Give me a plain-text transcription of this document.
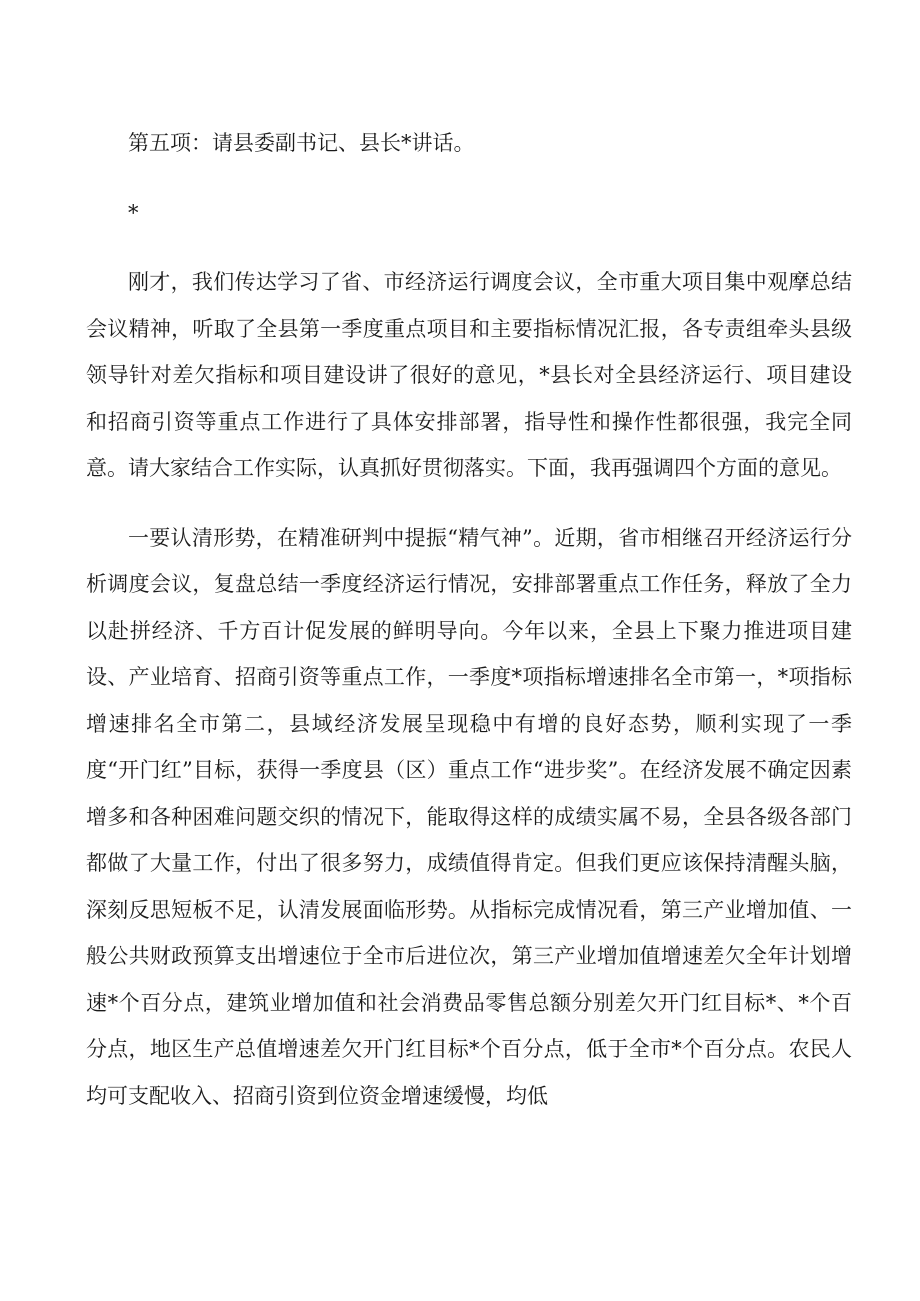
第五项：请县委副书记、县长*讲话。

*

刚才，我们传达学习了省、市经济运行调度会议，全市重大项目集中观摩总结会议精神，听取了全县第一季度重点项目和主要指标情况汇报，各专责组牵头县级领导针对差欠指标和项目建设讲了很好的意见，*县长对全县经济运行、项目建设和招商引资等重点工作进行了具体安排部署，指导性和操作性都很强，我完全同意。请大家结合工作实际，认真抓好贯彻落实。下面，我再强调四个方面的意见。

一要认清形势，在精准研判中提振“精气神”。近期，省市相继召开经济运行分析调度会议，复盘总结一季度经济运行情况，安排部署重点工作任务，释放了全力以赴拼经济、千方百计促发展的鲜明导向。今年以来，全县上下聚力推进项目建设、产业培育、招商引资等重点工作，一季度*项指标增速排名全市第一，*项指标增速排名全市第二，县域经济发展呈现稳中有增的良好态势，顺利实现了一季度“开门红”目标，获得一季度县（区）重点工作“进步奖”。在经济发展不确定因素增多和各种困难问题交织的情况下，能取得这样的成绩实属不易，全县各级各部门都做了大量工作，付出了很多努力，成绩值得肯定。但我们更应该保持清醒头脑，深刻反思短板不足，认清发展面临形势。从指标完成情况看，第三产业增加值、一般公共财政预算支出增速位于全市后进位次，第三产业增加值增速差欠全年计划增速*个百分点，建筑业增加值和社会消费品零售总额分别差欠开门红目标*、*个百分点，地区生产总值增速差欠开门红目标*个百分点，低于全市*个百分点。农民人均可支配收入、招商引资到位资金增速缓慢，均低
